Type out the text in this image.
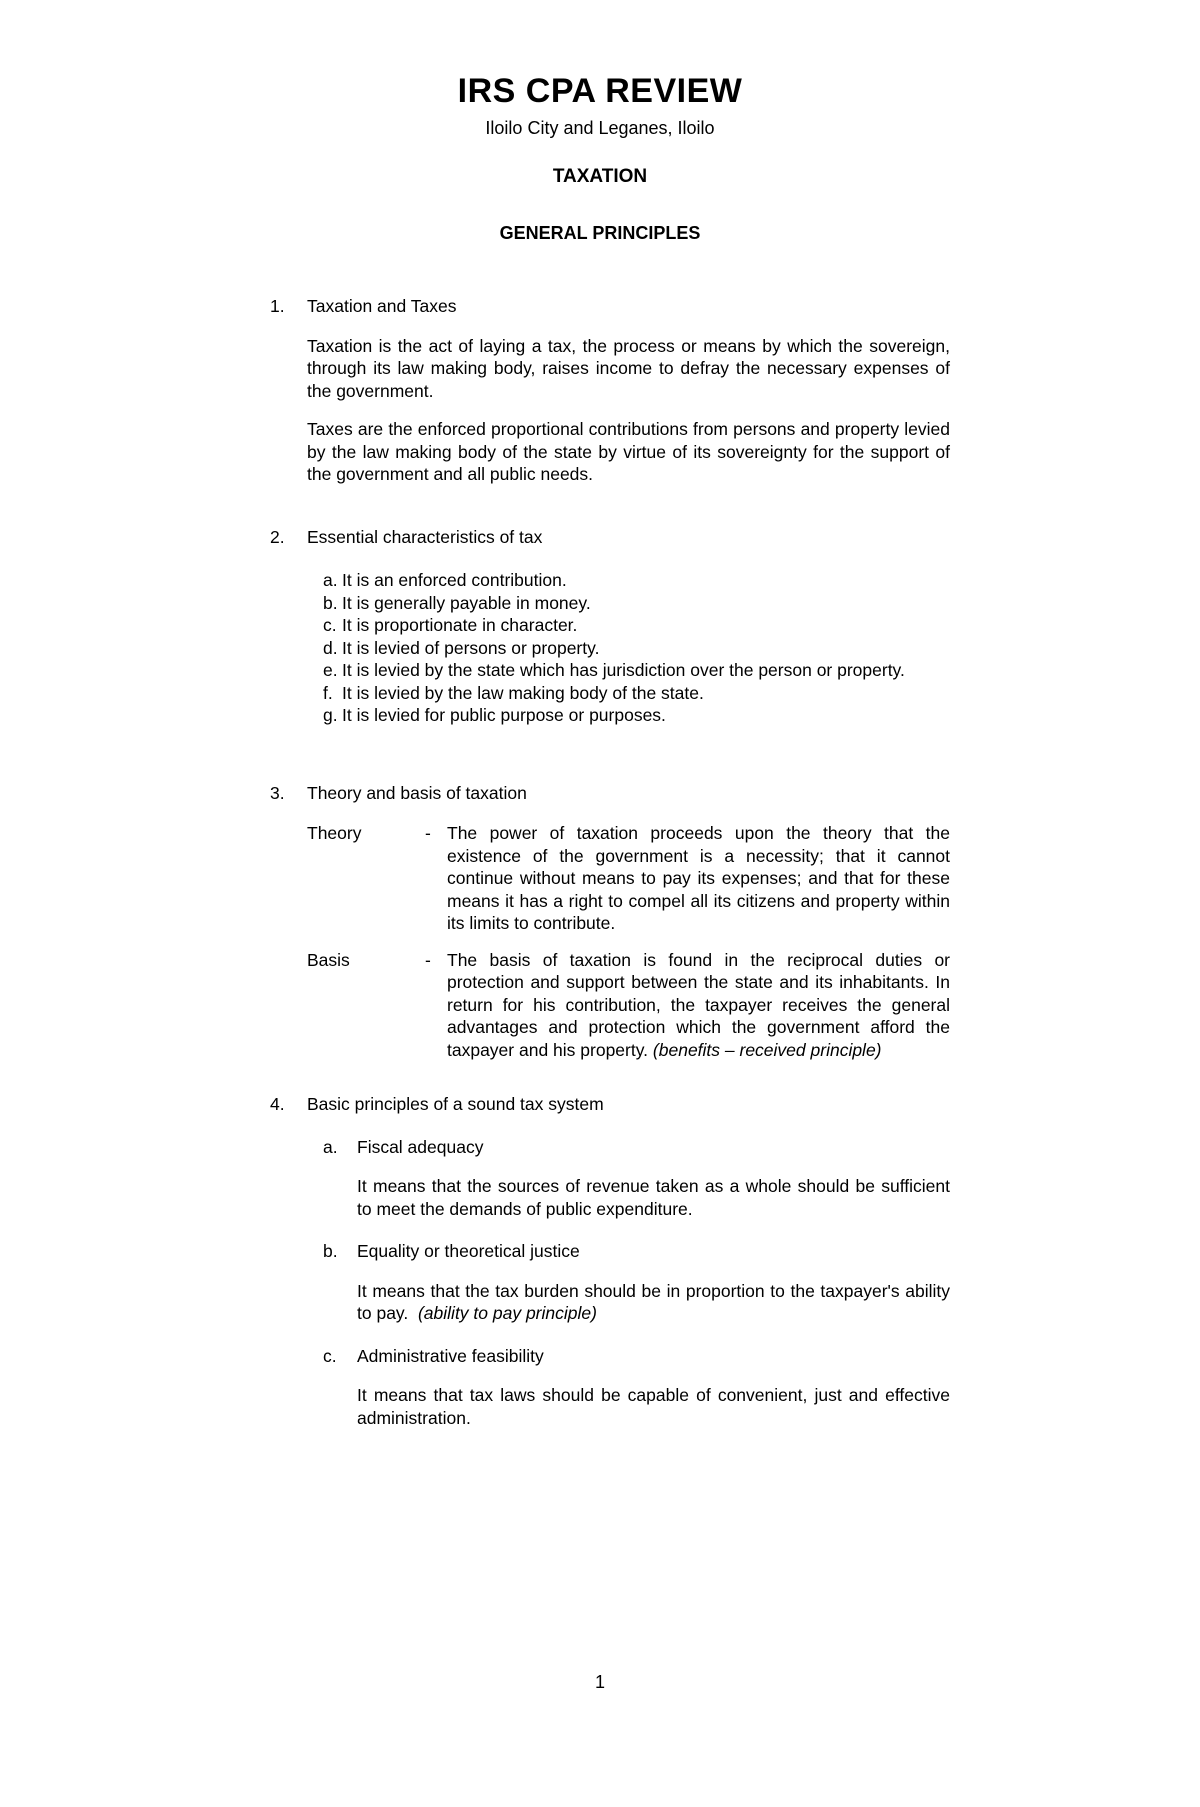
IRS CPA REVIEW
Iloilo City and Leganes, Iloilo
TAXATION
GENERAL PRINCIPLES
1. Taxation and Taxes

Taxation is the act of laying a tax, the process or means by which the sovereign, through its law making body, raises income to defray the necessary expenses of the government.

Taxes are the enforced proportional contributions from persons and property levied by the law making body of the state by virtue of its sovereignty for the support of the government and all public needs.

2. Essential characteristics of tax
a. It is an enforced contribution.
b. It is generally payable in money.
c. It is proportionate in character.
d. It is levied of persons or property.
e. It is levied by the state which has jurisdiction over the person or property.
f. It is levied by the law making body of the state.
g. It is levied for public purpose or purposes.
3. Theory and basis of taxation
Theory	- The power of taxation proceeds upon the theory that the existence of the government is a necessity; that it cannot continue without means to pay its expenses; and that for these means it has a right to compel all its citizens and property within its limits to contribute.
Basis	- The basis of taxation is found in the reciprocal duties or protection and support between the state and its inhabitants. In return for his contribution, the taxpayer receives the general advantages and protection which the government afford the taxpayer and his property. (benefits – received principle)
4. Basic principles of a sound tax system
a. Fiscal adequacy
It means that the sources of revenue taken as a whole should be sufficient to meet the demands of public expenditure.
b. Equality or theoretical justice
It means that the tax burden should be in proportion to the taxpayer's ability to pay. (ability to pay principle)
c. Administrative feasibility
It means that tax laws should be capable of convenient, just and effective administration.
1
